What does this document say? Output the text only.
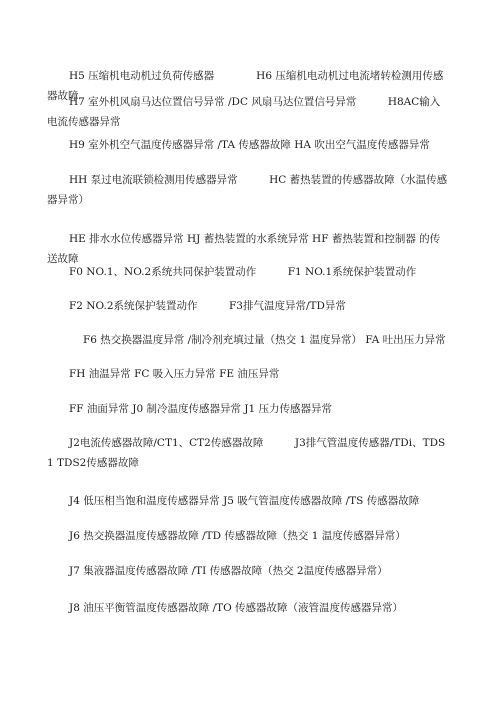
H5 压缩机电动机过负荷传感器　　　　H6 压缩机电动机过电流堵转检测用传感器故障
H7 室外机风扇马达位置信号异常 /DC 风扇马达位置信号异常　　　H8AC输入电流传感器异常
H9 室外机空气温度传感器异常 /TA 传感器故障 HA 吹出空气温度传感器异常
HH 泵过电流联锁检测用传感器异常　　　HC 蓄热装置的传感器故障（水温传感器异常）
HE 排水水位传感器异常 HJ 蓄热装置的水系统异常 HF 蓄热装置和控制器 的传送故障
F0 NO.1、NO.2系统共同保护装置动作　　　F1 NO.1系统保护装置动作
F2 NO.2系统保护装置动作　　　F3排气温度异常/TD异常
F6 热交换器温度异常 /制冷剂充填过量（热交 1 温度异常） FA 吐出压力异常
FH 油温异常 FC 吸入压力异常 FE 油压异常
FF 油面异常 J0 制冷温度传感器异常 J1 压力传感器异常
J2电流传感器故障/CT1、CT2传感器故障　　　J3排气管温度传感器/TDi、TDS1 TDS2传感器故障
J4 低压相当饱和温度传感器异常 J5 吸气管温度传感器故障 /TS 传感器故障
J6 热交换器温度传感器故障 /TD 传感器故障（热交 1 温度传感器异常）
J7 集液器温度传感器故障 /TI 传感器故障（热交 2温度传感器异常）
J8 油压平衡管温度传感器故障 /TO 传感器故障（液管温度传感器异常）
